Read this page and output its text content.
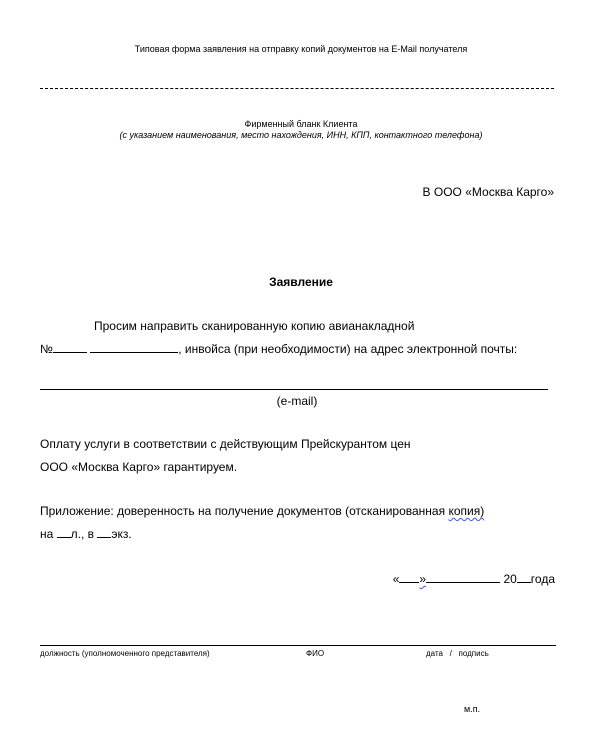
Типовая форма заявления на отправку копий документов на E-Mail получателя
Фирменный бланк Клиента
(с указанием наименования, место нахождения, ИНН, КПП, контактного телефона)
В ООО «Москва Карго»
Заявление
Просим направить сканированную копию авианакладной
№	, инвойса (при необходимости) на адрес электронной почты:
(e-mail)
Оплату услуги в соответствии с действующим Прейскурантом цен
ООО «Москва Карго» гарантируем.
Приложение: доверенность на получение документов (отсканированная копия)
на л., в экз.
« »	20 года
должность (уполномоченного представителя)	ФИО	дата   /   подпись
м.п.
